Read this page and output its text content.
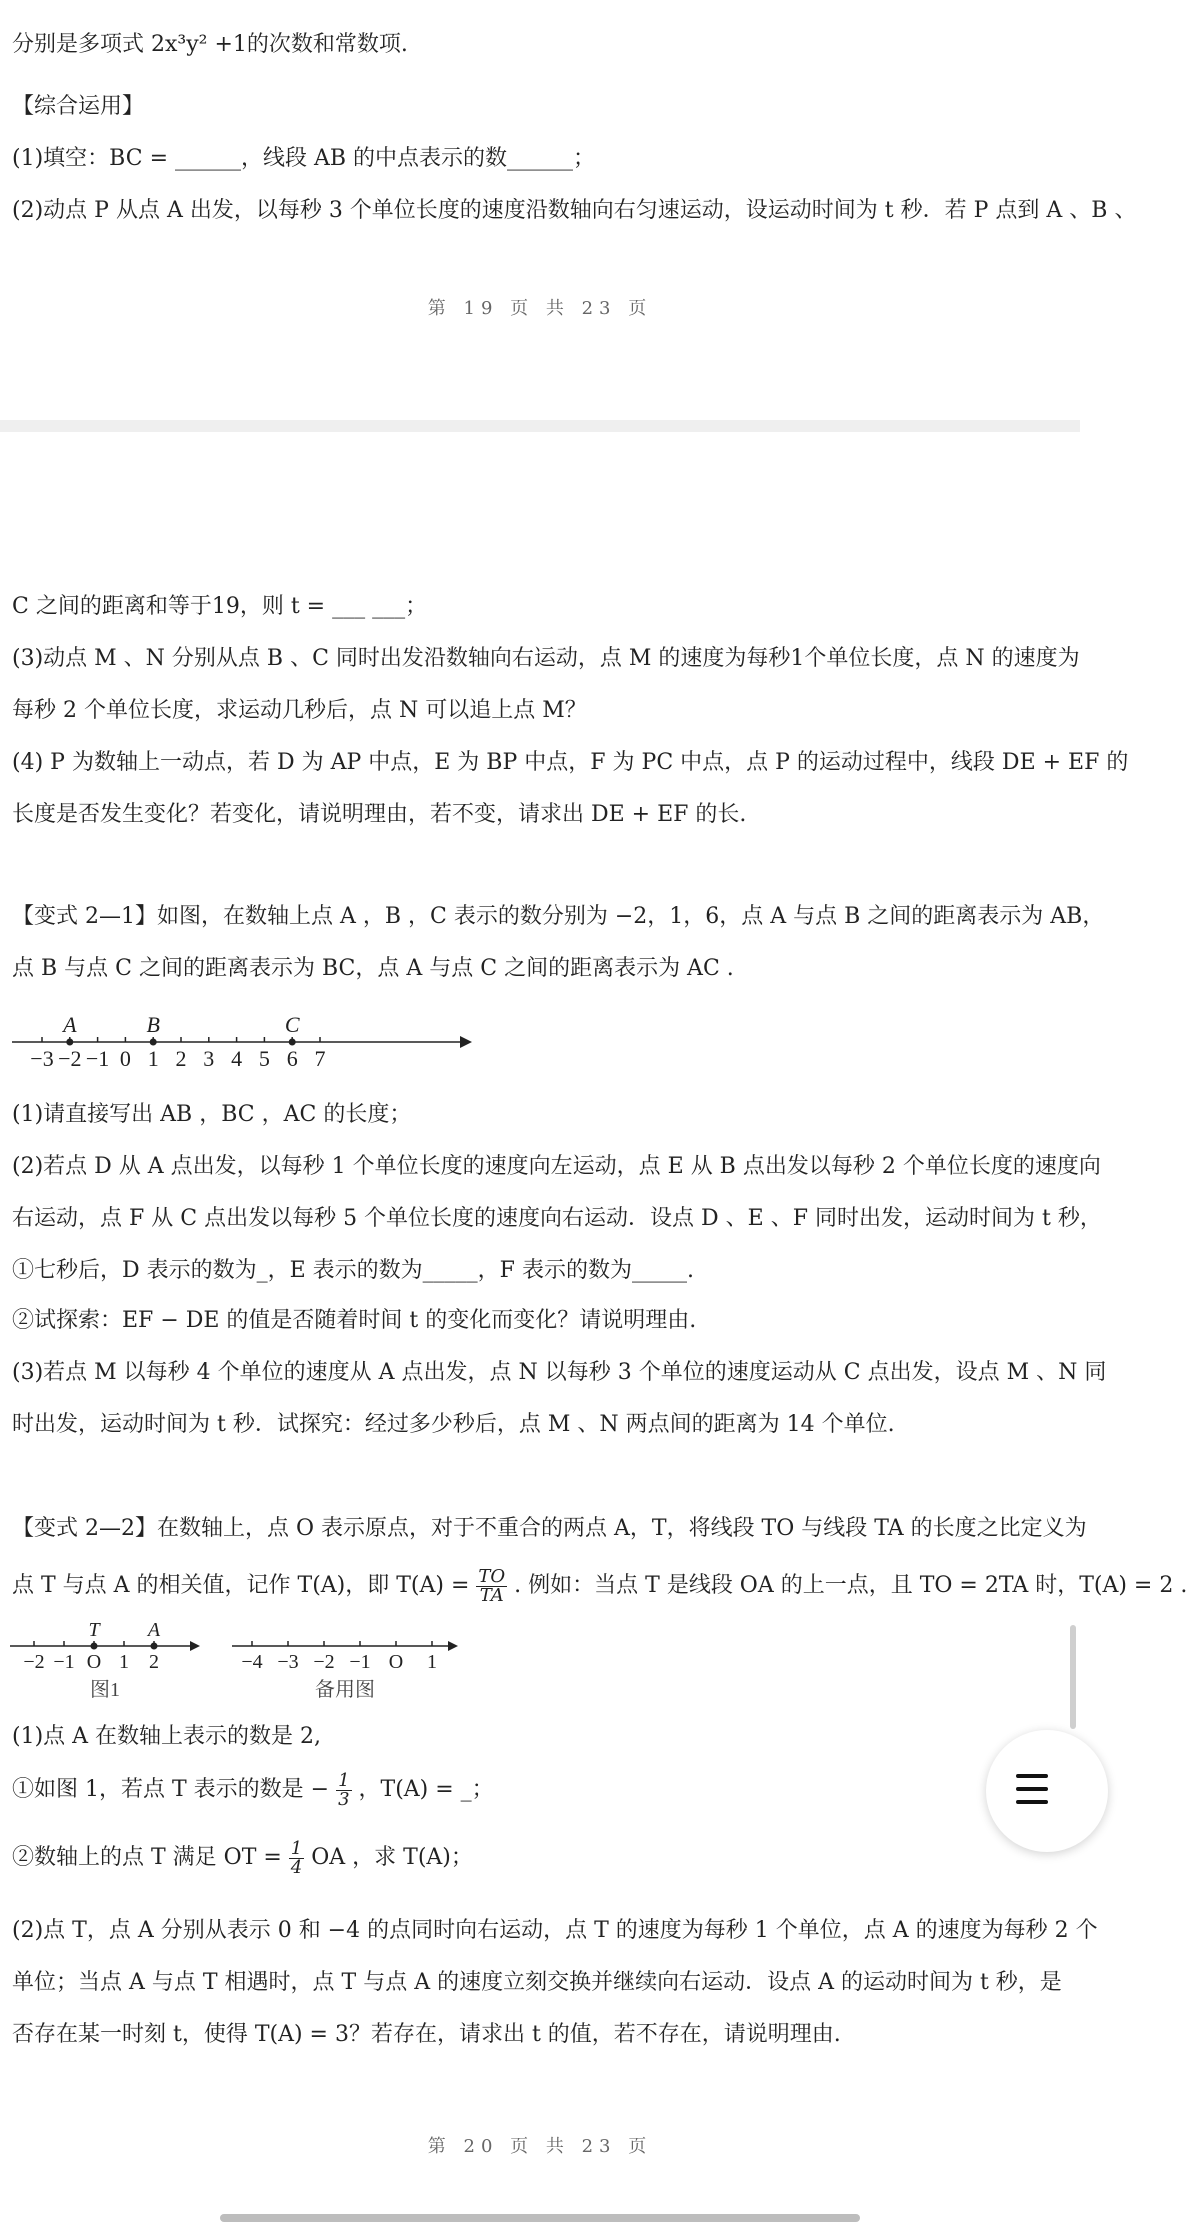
分别是多项式 2x³y² +1的次数和常数项.
【综合运用】
(1)填空：BC = ______，线段 AB 的中点表示的数______；
(2)动点 P 从点 A 出发，以每秒 3 个单位长度的速度沿数轴向右匀速运动，设运动时间为 t 秒．若 P 点到 A 、B 、
第 19 页 共 23 页
C 之间的距离和等于19，则 t = ___ ___；
(3)动点 M 、N 分别从点 B 、C 同时出发沿数轴向右运动，点 M 的速度为每秒1个单位长度，点 N 的速度为
每秒 2 个单位长度，求运动几秒后，点 N 可以追上点 M？
(4) P 为数轴上一动点，若 D 为 AP 中点，E 为 BP 中点，F 为 PC 中点，点 P 的运动过程中，线段 DE + EF 的
长度是否发生变化？若变化，请说明理由，若不变，请求出 DE + EF 的长.
【变式 2—1】如图，在数轴上点 A ，B ，C 表示的数分别为 −2，1，6，点 A 与点 B 之间的距离表示为 AB，
点 B 与点 C 之间的距离表示为 BC，点 A 与点 C 之间的距离表示为 AC .
−3 −2 −1 0 1 2 3 4 5 6 7
A	B	C
(1)请直接写出 AB ，BC ，AC 的长度；
(2)若点 D 从 A 点出发，以每秒 1 个单位长度的速度向左运动，点 E 从 B 点出发以每秒 2 个单位长度的速度向
右运动，点 F 从 C 点出发以每秒 5 个单位长度的速度向右运动．设点 D 、E 、F 同时出发，运动时间为 t 秒，
①七秒后，D 表示的数为_，E 表示的数为_____，F 表示的数为_____.
②试探索：EF − DE 的值是否随着时间 t 的变化而变化？请说明理由.
(3)若点 M 以每秒 4 个单位的速度从 A 点出发，点 N 以每秒 3 个单位的速度运动从 C 点出发，设点 M 、N 同
时出发，运动时间为 t 秒．试探究：经过多少秒后，点 M 、N 两点间的距离为 14 个单位.
【变式 2—2】在数轴上，点 O 表示原点，对于不重合的两点 A，T，将线段 TO 与线段 TA 的长度之比定义为
点 T 与点 A 的相关值，记作 T(A)，即 $T(A) = \frac{TO}{TA}$ . 例如：当点 T 是线段 OA 的上一点，且 TO = 2TA 时，T(A) = 2 .
−2 −1 O 1 2
T A
图1
−4 −3 −2 −1 O 1
备用图
(1)点 A 在数轴上表示的数是 2,
①如图 1，若点 T 表示的数是 − $\frac{1}{3}$ ，T(A) = _；
②数轴上的点 T 满足 OT = $\frac{1}{4}$ OA ，求 T(A)；
(2)点 T，点 A 分别从表示 0 和 −4 的点同时向右运动，点 T 的速度为每秒 1 个单位，点 A 的速度为每秒 2 个
单位；当点 A 与点 T 相遇时，点 T 与点 A 的速度立刻交换并继续向右运动．设点 A 的运动时间为 t 秒，是
否存在某一时刻 t，使得 T(A) = 3？若存在，请求出 t 的值，若不存在，请说明理由.
第 20 页 共 23 页
